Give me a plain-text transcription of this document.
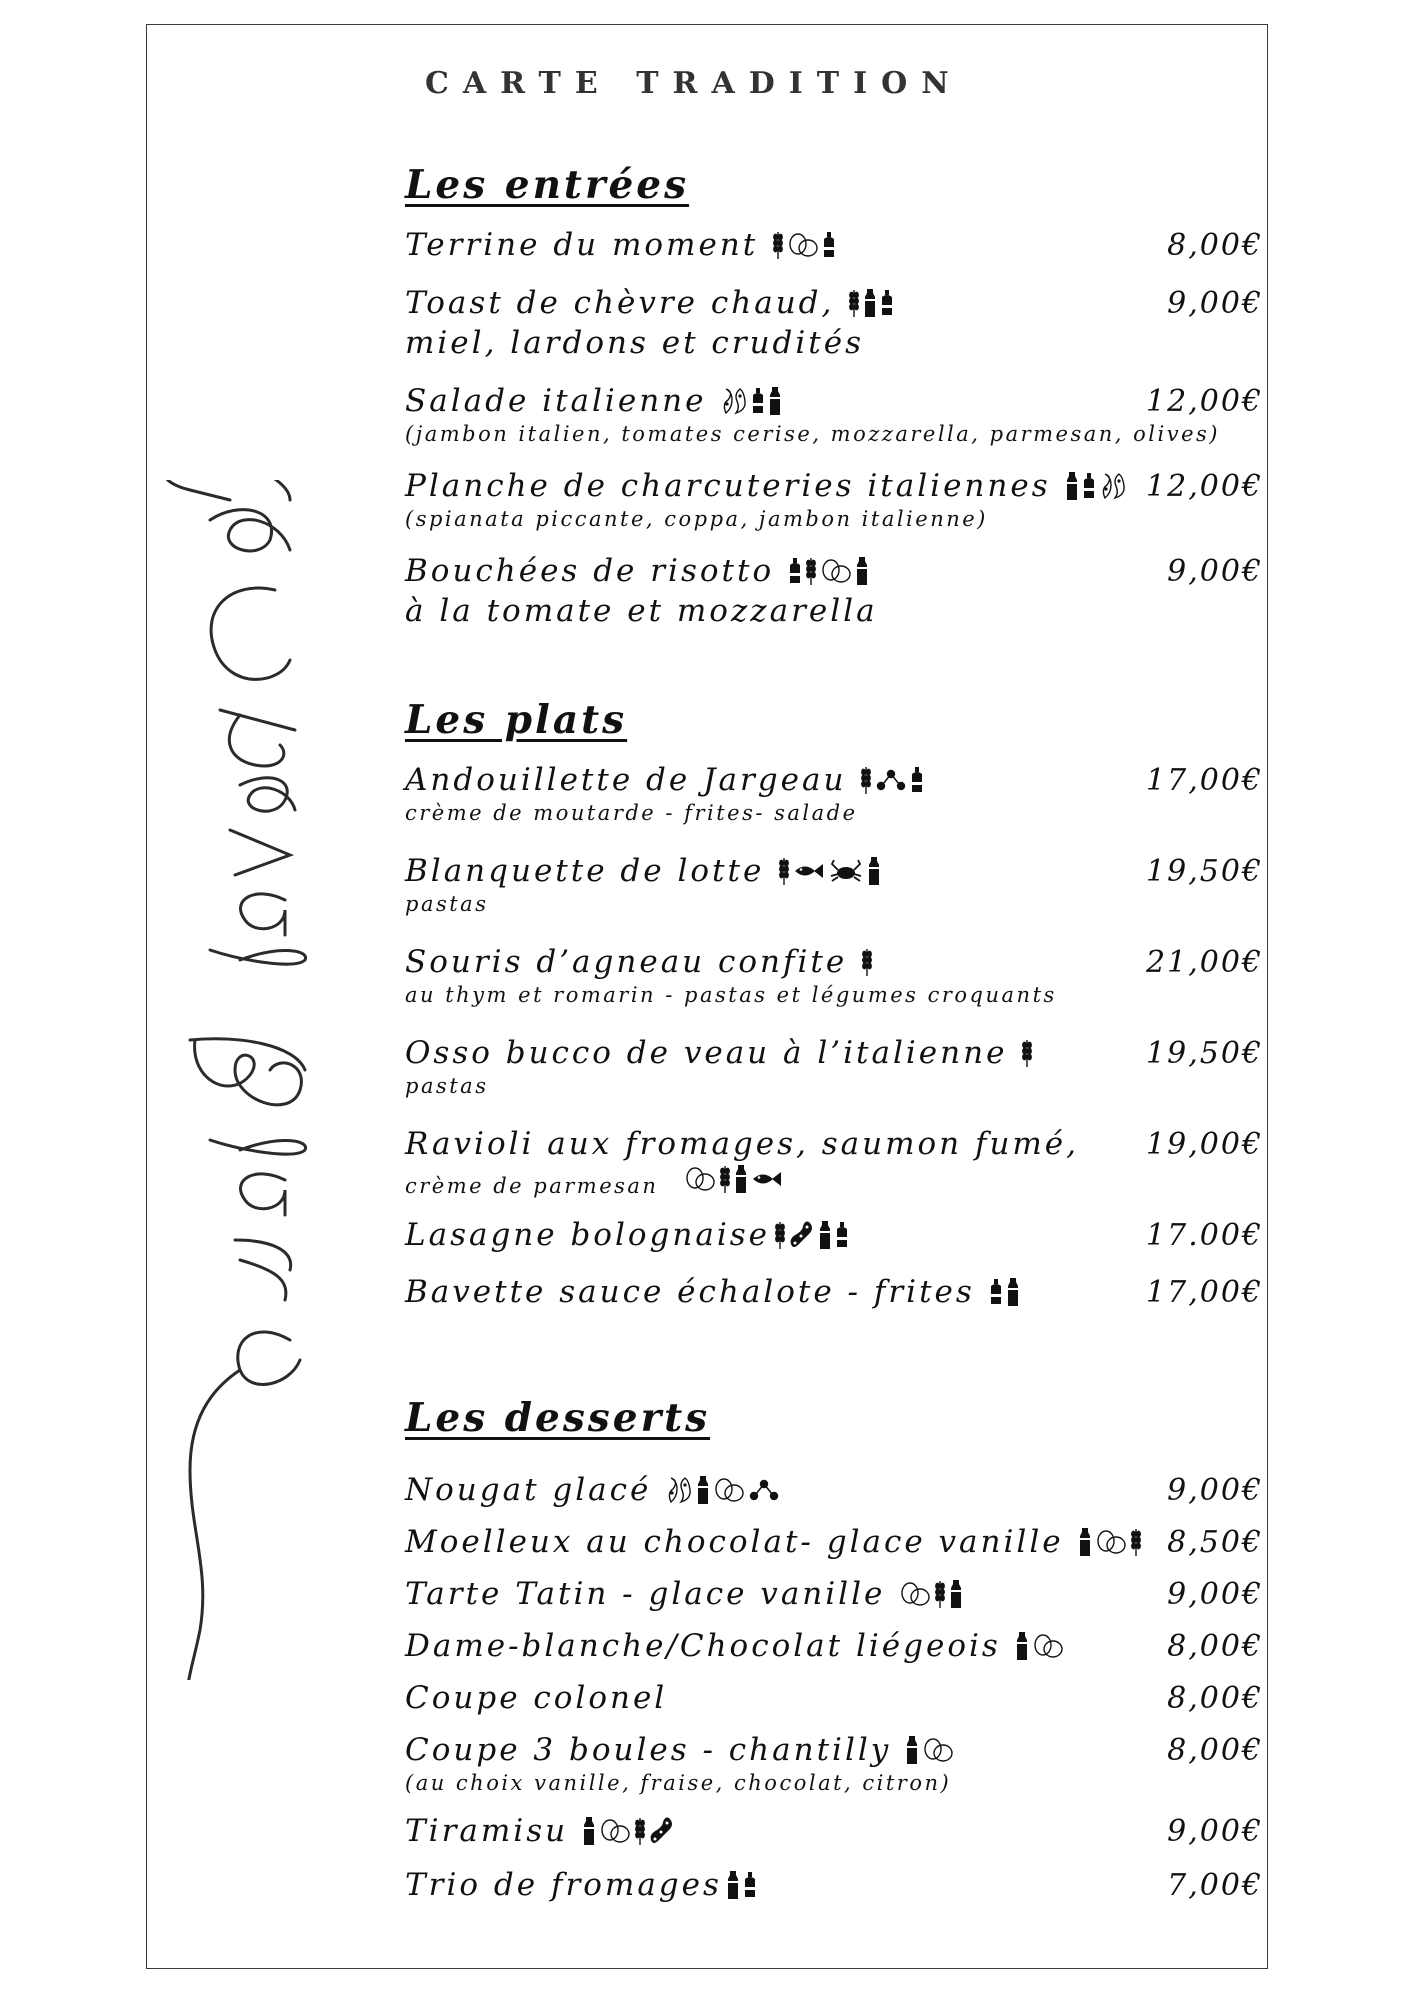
CARTE TRADITION
Les entrées
Terrine du moment	8,00€
Toast de chèvre chaud,	9,00€
miel, lardons et crudités
Salade italienne	12,00€
(jambon italien, tomates cerise, mozzarella, parmesan, olives)
Planche de charcuteries italiennes	12,00€
(spianata piccante, coppa, jambon italienne)
Bouchées de risotto	9,00€
à la tomate et mozzarella
Les plats
Andouillette de Jargeau	17,00€
crème de moutarde - frites- salade
Blanquette de lotte	19,50€
pastas
Souris d’agneau confite	21,00€
au thym et romarin - pastas et légumes croquants
Osso bucco de veau à l’italienne	19,50€
pastas
Ravioli aux fromages, saumon fumé, 19,00€
crème de parmesan
Lasagne bolognaise	17.00€
Bavette sauce échalote - frites	17,00€
Les desserts
Nougat glacé	9,00€
Moelleux au chocolat- glace vanille	8,50€
Tarte Tatin - glace vanille	9,00€
Dame-blanche/Chocolat liégeois	8,00€
Coupe colonel	8,00€
Coupe 3 boules - chantilly	8,00€
(au choix vanille, fraise, chocolat, citron)
Tiramisu	9,00€
Trio de fromages	7,00€
